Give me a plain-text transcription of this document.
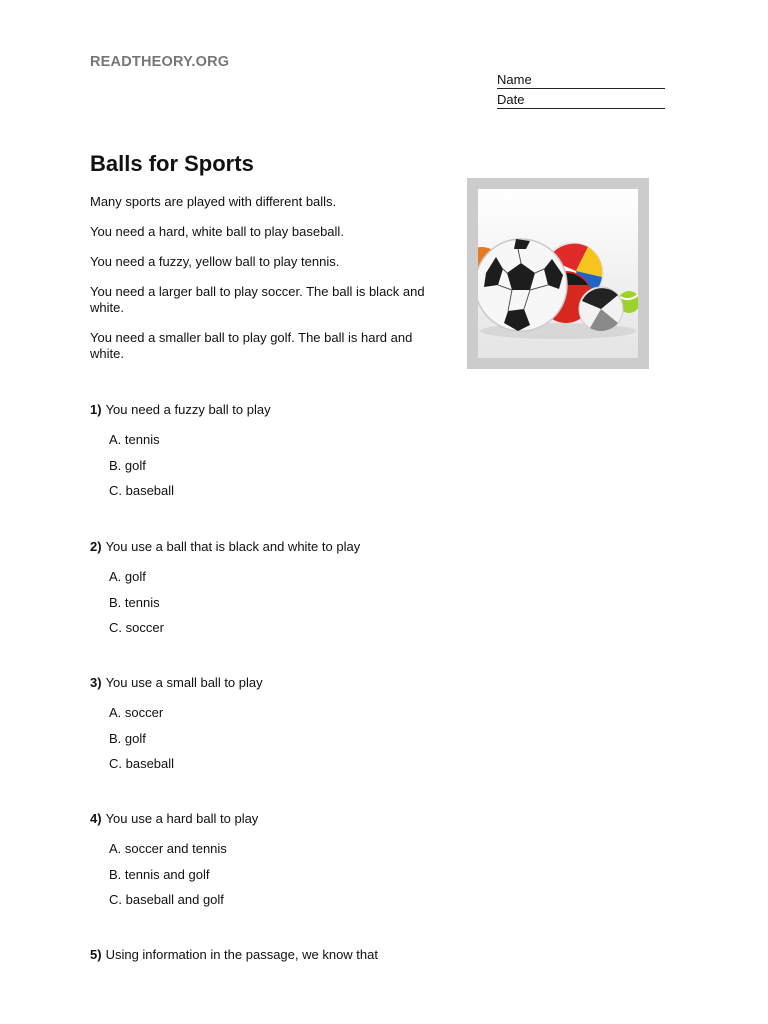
READTHEORY.ORG
Name
Date
Balls for Sports

Many sports are played with different balls.

You need a hard, white ball to play baseball.

You need a fuzzy, yellow ball to play tennis.

You need a larger ball to play soccer. The ball is black and white.

You need a smaller ball to play golf. The ball is hard and white.

1) You need a fuzzy ball to play
A. tennis
B. golf
C. baseball
2) You use a ball that is black and white to play
A. golf
B. tennis
C. soccer
3) You use a small ball to play
A. soccer
B. golf
C. baseball
4) You use a hard ball to play
A. soccer and tennis
B. tennis and golf
C. baseball and golf
5) Using information in the passage, we know that
